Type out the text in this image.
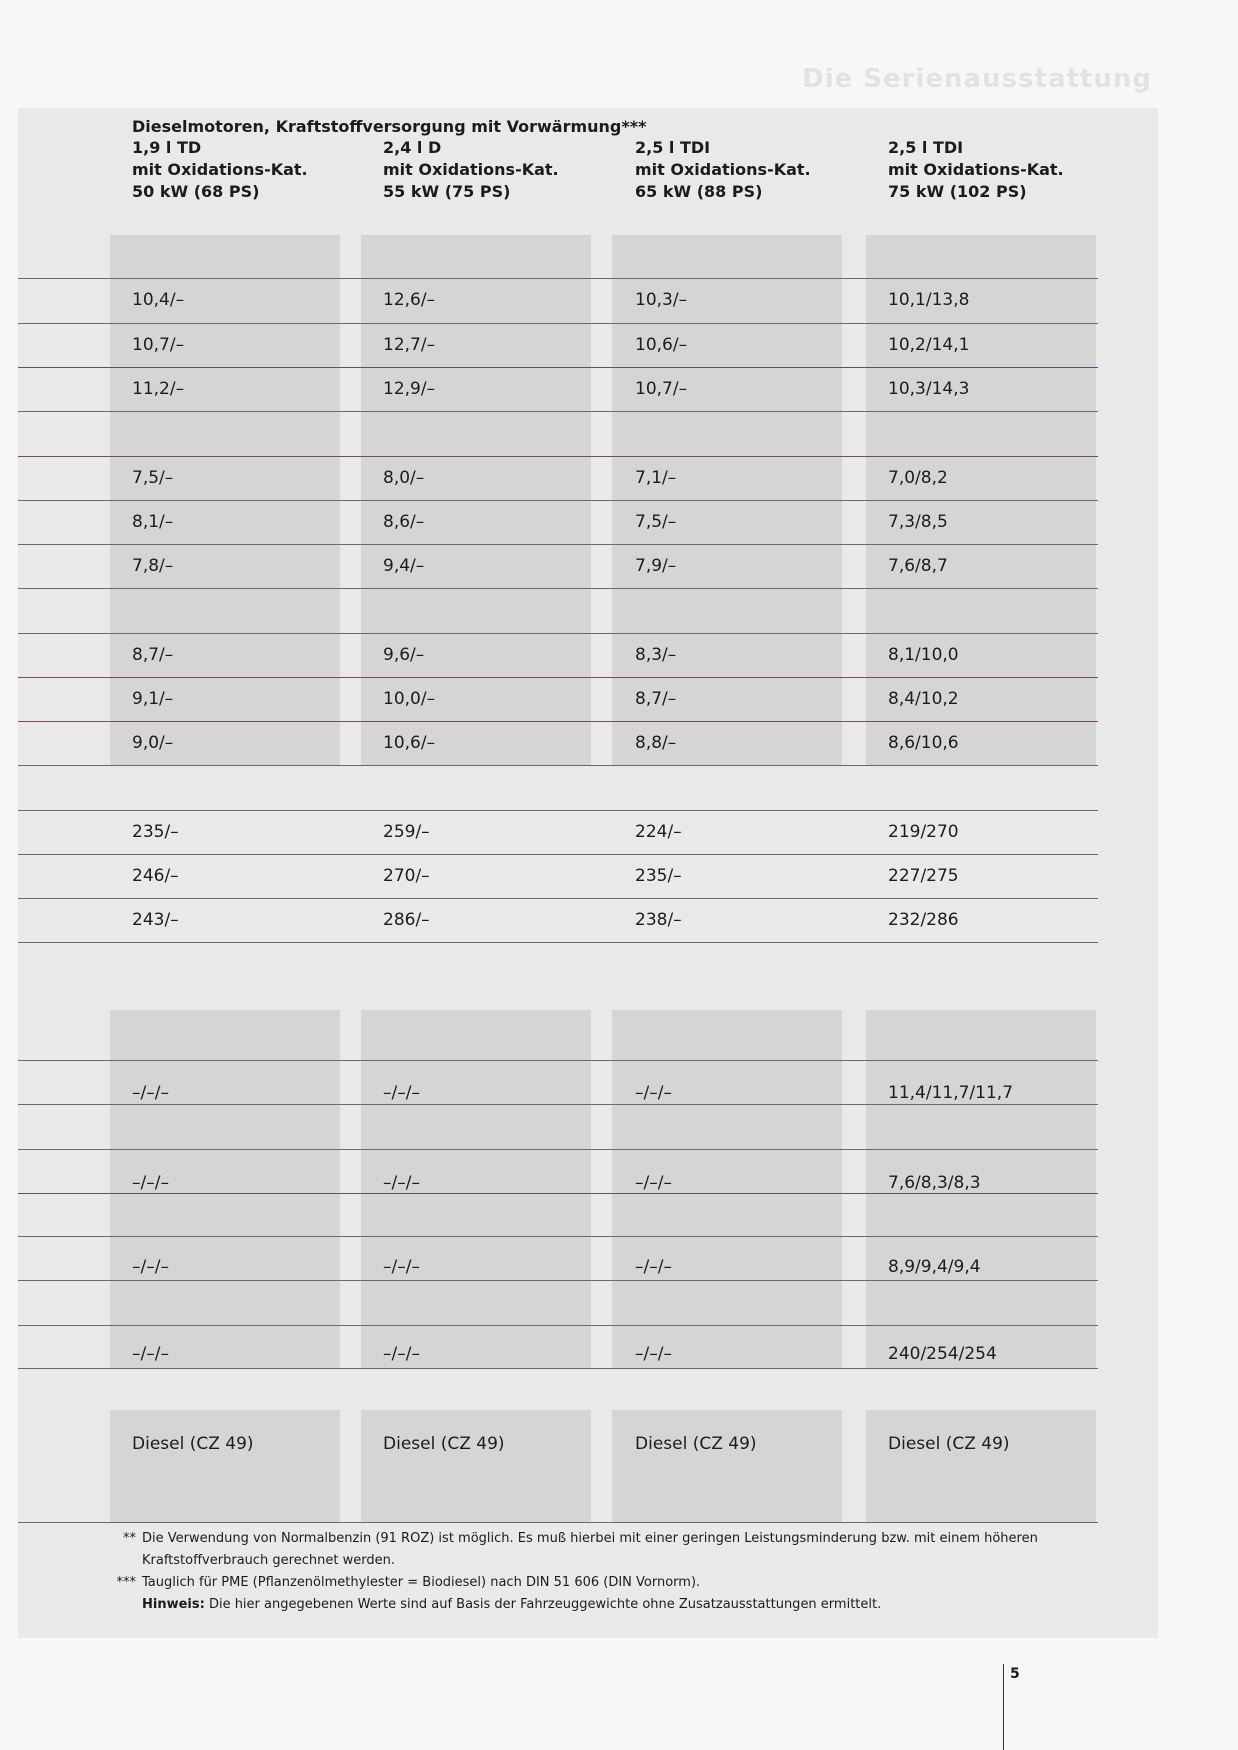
Die Serienausstattung
Dieselmotoren, Kraftstoffversorgung mit Vorwärmung***
1,9 l TD
mit Oxidations-Kat.
50 kW (68 PS)
2,4 l D
mit Oxidations-Kat.
55 kW (75 PS)
2,5 l TDI
mit Oxidations-Kat.
65 kW (88 PS)
2,5 l TDI
mit Oxidations-Kat.
75 kW (102 PS)
10,4/–	12,6/–	10,3/–	10,1/13,8
10,7/–	12,7/–	10,6/–	10,2/14,1
11,2/–	12,9/–	10,7/–	10,3/14,3
7,5/–	8,0/–	7,1/–	7,0/8,2
8,1/–	8,6/–	7,5/–	7,3/8,5
7,8/–	9,4/–	7,9/–	7,6/8,7
8,7/–	9,6/–	8,3/–	8,1/10,0
9,1/–	10,0/–	8,7/–	8,4/10,2
9,0/–	10,6/–	8,8/–	8,6/10,6
235/–	259/–	224/–	219/270
246/–	270/–	235/–	227/275
243/–	286/–	238/–	232/286
–/–/–	–/–/–	–/–/–	11,4/11,7/11,7
–/–/–	–/–/–	–/–/–	7,6/8,3/8,3
–/–/–	–/–/–	–/–/–	8,9/9,4/9,4
–/–/–	–/–/–	–/–/–	240/254/254
Diesel (CZ 49)	Diesel (CZ 49)	Diesel (CZ 49)	Diesel (CZ 49)
** Die Verwendung von Normalbenzin (91 ROZ) ist möglich. Es muß hierbei mit einer geringen Leistungsminderung bzw. mit einem höheren Kraftstoffverbrauch gerechnet werden.
*** Tauglich für PME (Pflanzenölmethylester = Biodiesel) nach DIN 51 606 (DIN Vornorm).
Hinweis: Die hier angegebenen Werte sind auf Basis der Fahrzeuggewichte ohne Zusatzausstattungen ermittelt.
5
